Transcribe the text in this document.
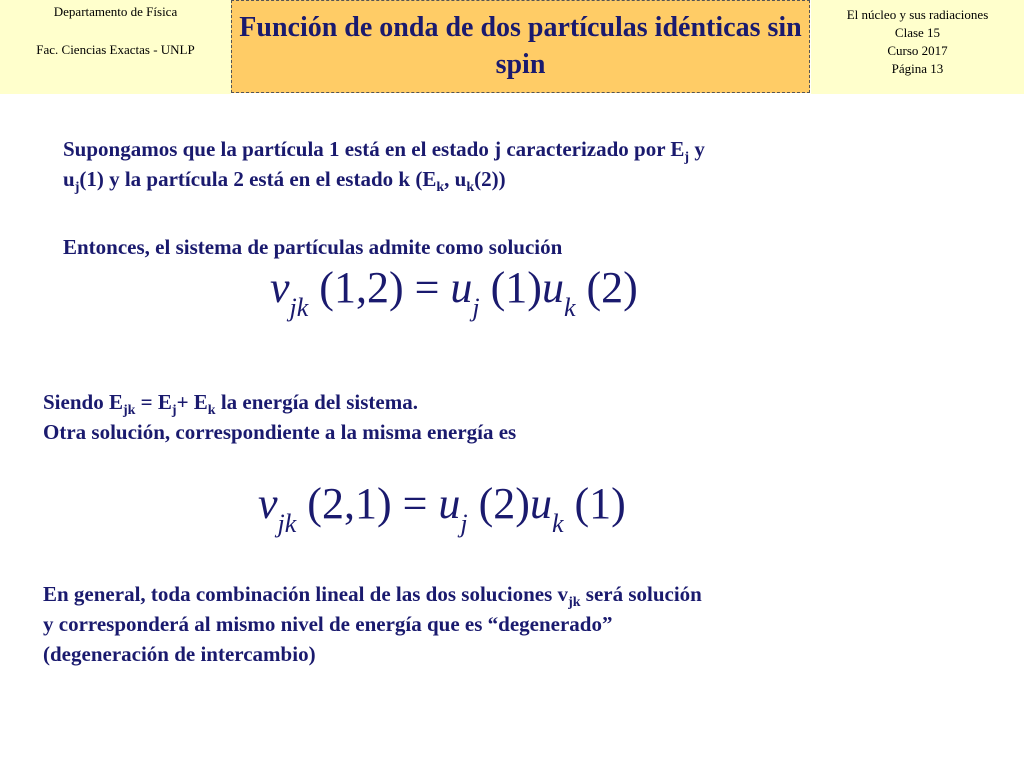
Departamento de Física
Fac. Ciencias Exactas - UNLP
Función de onda de dos partículas idénticas sin spin
El núcleo y sus radiaciones
Clase 15
Curso 2017
Página 13
Supongamos que la partícula 1 está en el estado j caracterizado por $E_j$ y
$u_j(1)$ y la partícula 2 está en el estado k ($E_k$, $u_k(2)$)
Entonces, el sistema de partículas admite como solución
$v_{jk}$ $(1,2) = u_j$ $(1)u_k$ (2)
Siendo $E_{jk} = E_j+ E_k$ la energía del sistema.
Otra solución, correspondiente a la misma energía es
$v_{jk}$ $(2,1) = u_j$ $(2)u_k$ (1)
En general, toda combinación lineal de las dos soluciones $v_{jk}$ será solución
y corresponderá al mismo nivel de energía que es “degenerado”
(degeneración de intercambio)
